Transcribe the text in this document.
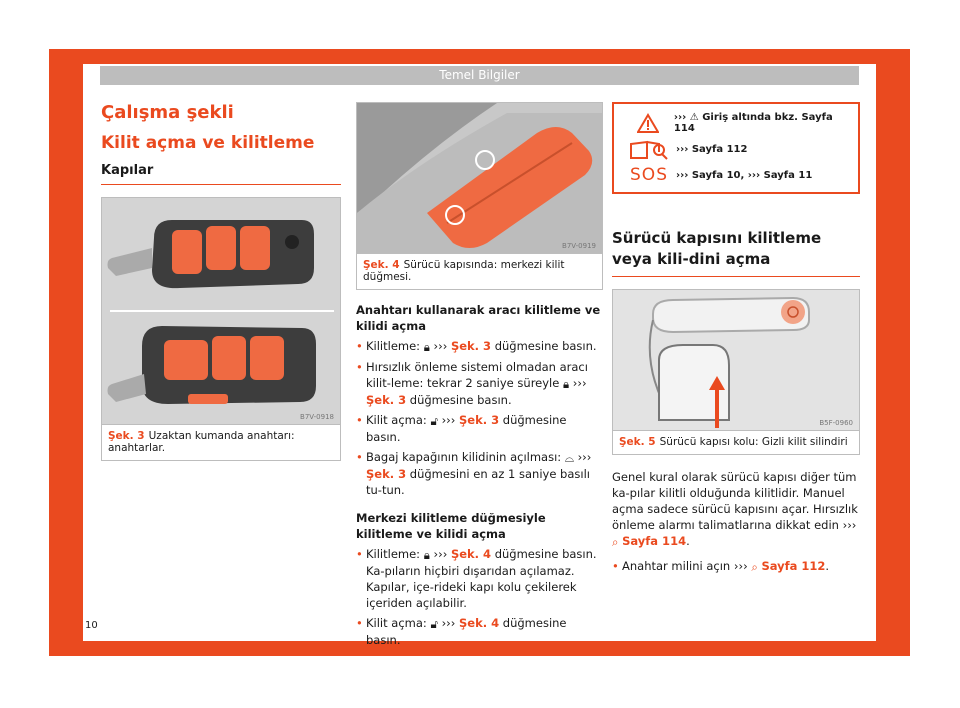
Temel Bilgiler
Çalışma şekli
Kilit açma ve kilitleme
Kapılar
B7V-0918
Şek. 3 Uzaktan kumanda anahtarı: anahtarlar.
B7V-0919
Şek. 4 Sürücü kapısında: merkezi kilit düğmesi.
Anahtarı kullanarak aracı kilitleme ve kilidi açma
• Kilitleme: 🔒︎ ››› Şek. 3 düğmesine basın.
• Hırsızlık önleme sistemi olmadan aracı kilit-leme: tekrar 2 saniye süreyle 🔒︎ ››› Şek. 3 düğmesine basın.
• Kilit açma: 🔓︎ ››› Şek. 3 düğmesine basın.
• Bagaj kapağının kilidinin açılması: ⌓ ››› Şek. 3 düğmesini en az 1 saniye basılı tu-tun.
Merkezi kilitleme düğmesiyle kilitleme ve kilidi açma
• Kilitleme: 🔒︎ ››› Şek. 4 düğmesine basın. Ka-pıların hiçbiri dışarıdan açılamaz. Kapılar, içe-rideki kapı kolu çekilerek içeriden açılabilir.
• Kilit açma: 🔓︎ ››› Şek. 4 düğmesine basın.
››› ⚠ Giriş altında bkz. Sayfa 114
››› Sayfa 112
SOS ››› Sayfa 10, ››› Sayfa 11
Sürücü kapısını kilitleme veya kili-dini açma
B5F-0960
Şek. 5 Sürücü kapısı kolu: Gizli kilit silindiri
Genel kural olarak sürücü kapısı diğer tüm ka-pılar kilitli olduğunda kilitlidir. Manuel açma sadece sürücü kapısını açar. Hırsızlık önleme alarmı talimatlarına dikkat edin ››› ⌕ Sayfa 114.
• Anahtar milini açın ››› ⌕ Sayfa 112.
10
